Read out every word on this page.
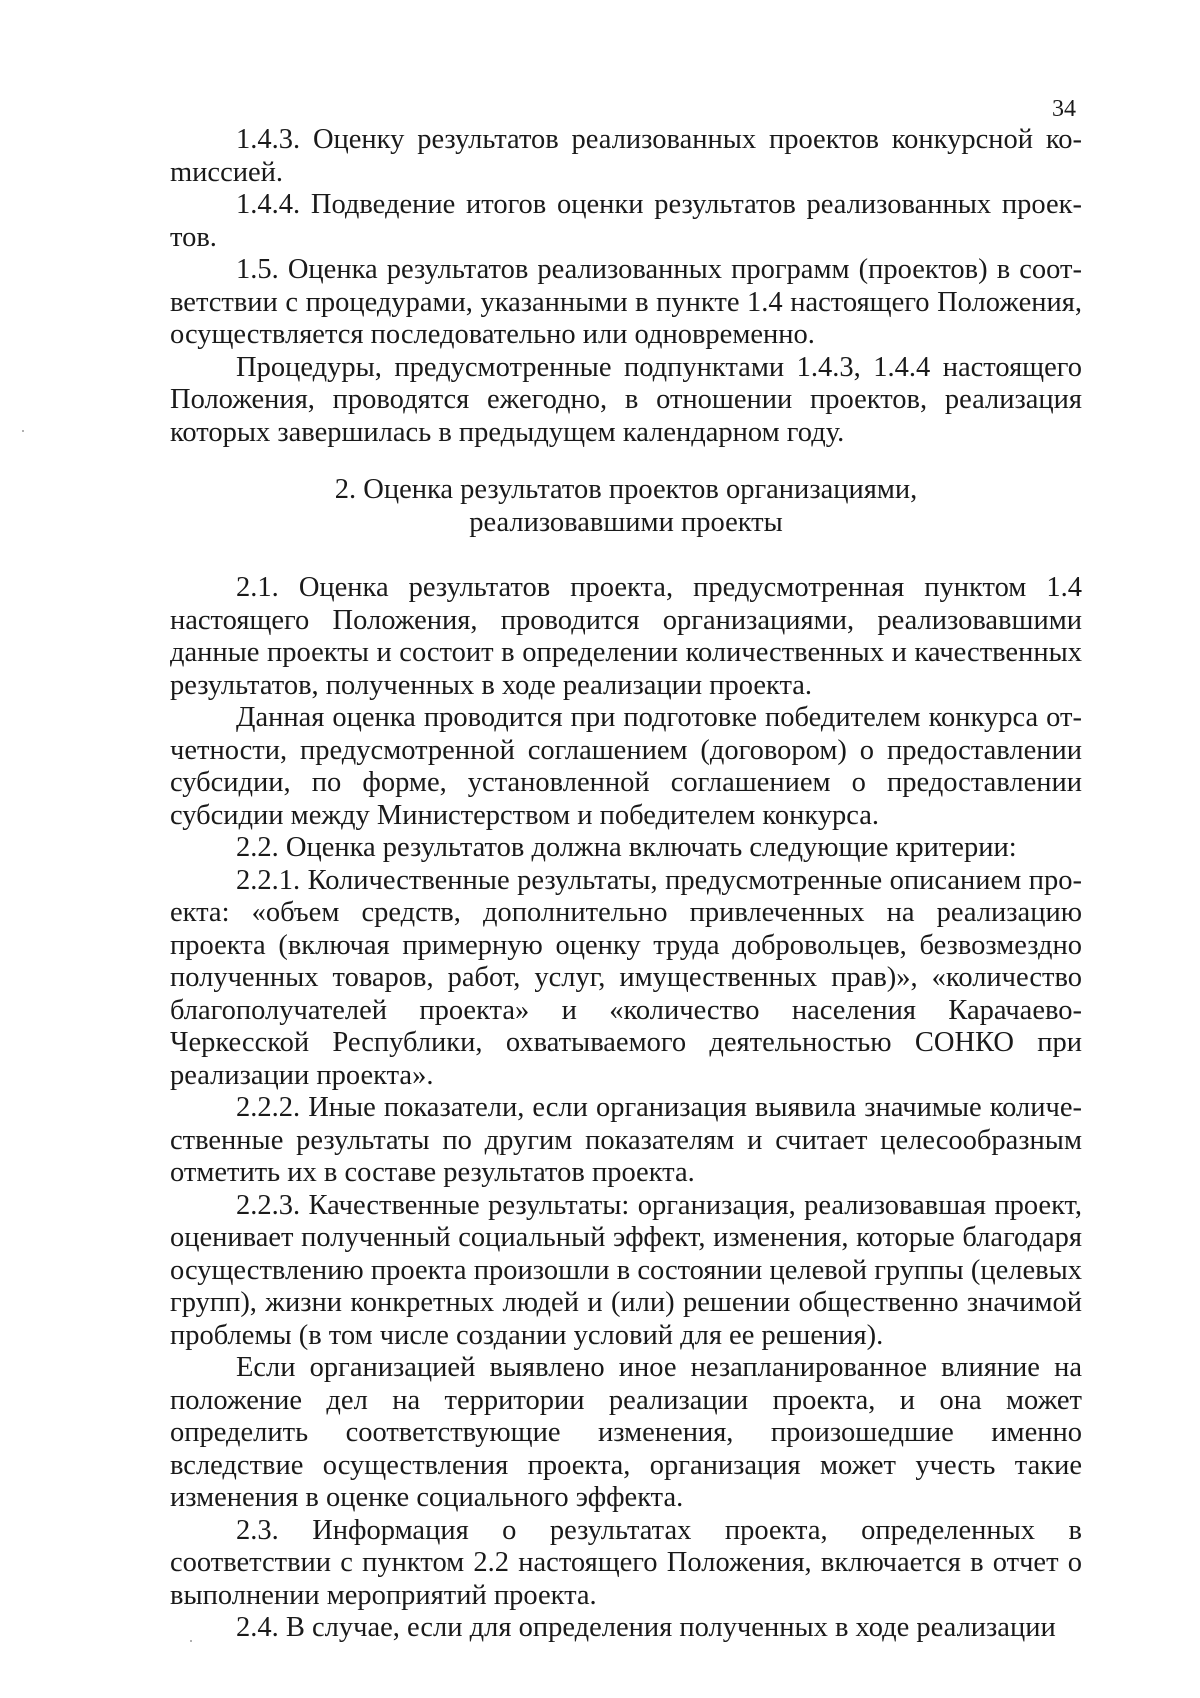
34

1.4.3. Оценку результатов реализованных проектов конкурсной коmиссией.

1.4.4. Подведение итогов оценки результатов реализованных проектов.

1.5. Оценка результатов реализованных программ (проектов) в соответствии с процедурами, указанными в пункте 1.4 настоящего Положения, осуществляется последовательно или одновременно.

Процедуры, предусмотренные подпунктами 1.4.3, 1.4.4 настоящего Положения, проводятся ежегодно, в отношении проектов, реализация которых завершилась в предыдущем календарном году.

2. Оценка результатов проектов организациями,
реализовавшими проекты

2.1. Оценка результатов проекта, предусмотренная пунктом 1.4 настоящего Положения, проводится организациями, реализовавшими данные проекты и состоит в определении количественных и качественных результатов, полученных в ходе реализации проекта.

Данная оценка проводится при подготовке победителем конкурса отчетности, предусмотренной соглашением (договором) о предоставлении субсидии, по форме, установленной соглашением о предоставлении субсидии между Министерством и победителем конкурса.

2.2. Оценка результатов должна включать следующие критерии:

2.2.1. Количественные результаты, предусмотренные описанием проекта: «объем средств, дополнительно привлеченных на реализацию проекта (включая примерную оценку труда добровольцев, безвозмездно полученных товаров, работ, услуг, имущественных прав)», «количество благополучателей проекта» и «количество населения Карачаево-Черкесской Республики, охватываемого деятельностью СОНКО при реализации проекта».

2.2.2. Иные показатели, если организация выявила значимые количественные результаты по другим показателям и считает целесообразным отметить их в составе результатов проекта.

2.2.3. Качественные результаты: организация, реализовавшая проект, оценивает полученный социальный эффект, изменения, которые благодаря осуществлению проекта произошли в состоянии целевой группы (целевых групп), жизни конкретных людей и (или) решении общественно значимой проблемы (в том числе создании условий для ее решения).

Если организацией выявлено иное незапланированное влияние на положение дел на территории реализации проекта, и она может определить соответствующие изменения, произошедшие именно вследствие осуществления проекта, организация может учесть такие изменения в оценке социального эффекта.

2.3. Информация о результатах проекта, определенных в соответствии с пунктом 2.2 настоящего Положения, включается в отчет о выполнении мероприятий проекта.

2.4. В случае, если для определения полученных в ходе реализации
